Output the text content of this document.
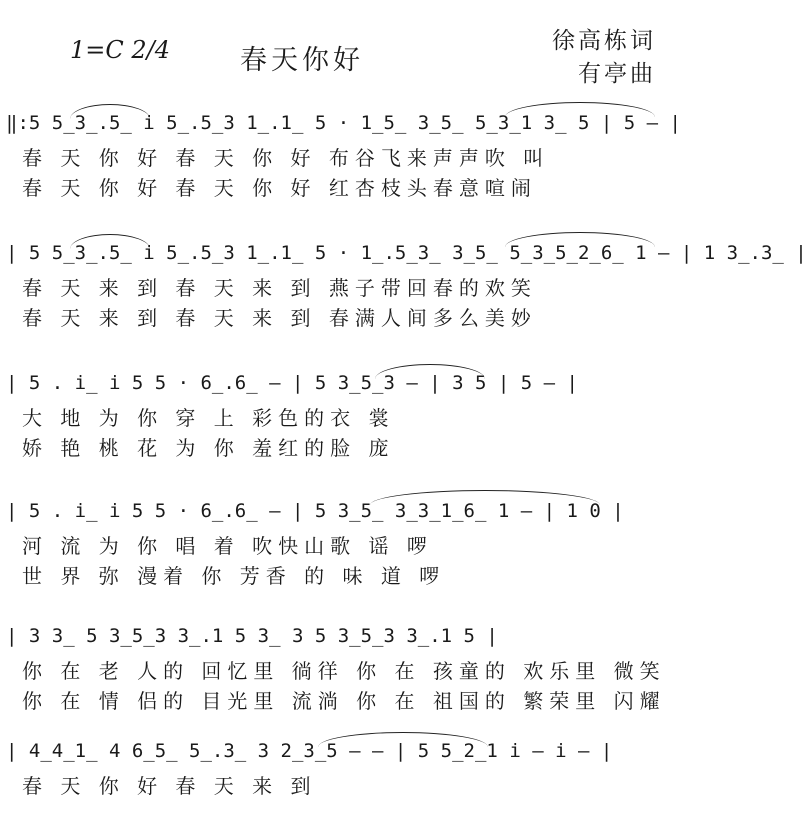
1=C 2/4	春天你好
徐高栋词
有亭曲
‖:5 5̲3̲.5̲ i 5̲.5̲3 1̲.1̲ 5 · 1̲5̲ 3̲5̲ 5̲3̲1 3̲ 5 | 5 — |
春 天 你 好 春 天 你 好 布谷飞来声声吹 叫
春 天 你 好 春 天 你 好 红杏枝头春意喧闹
| 5 5̲3̲.5̲ i 5̲.5̲3 1̲.1̲ 5 · 1̲.5̲3̲ 3̲5̲ 5̲3̲5̲2̲6̲ 1 — | 1 3̲.3̲ |
春 天 来 到 春 天 来 到 燕子带回春的欢笑
春 天 来 到 春 天 来 到 春满人间多么美妙
| 5 . i̲ i 5 5 · 6̲.6̲ — | 5 3̲5̲3 — | 3 5 | 5 — |
大 地 为 你 穿 上 彩色的衣 裳
娇 艳 桃 花 为 你 羞红的脸 庞
| 5 . i̲ i 5 5 · 6̲.6̲ — | 5 3̲5̲ 3̲3̲1̲6̲ 1 — | 1 0 |
河 流 为 你 唱 着 吹快山歌 谣 啰
世 界 弥 漫着 你 芳香 的 味 道 啰
| 3 3̲ 5 3̲5̲3 3̲.1 5 3̲ 3 5 3̲5̲3 3̲.1 5 |
你 在 老 人的 回忆里 徜徉 你 在 孩童的 欢乐里 微笑
你 在 情 侣的 目光里 流淌 你 在 祖国的 繁荣里 闪耀
| 4̲4̲1̲ 4 6̲5̲ 5̲.3̲ 3 2̲3̲5 — — | 5 5̲2̲1 i — i — |
春 天 你 好 春 天 来 到
